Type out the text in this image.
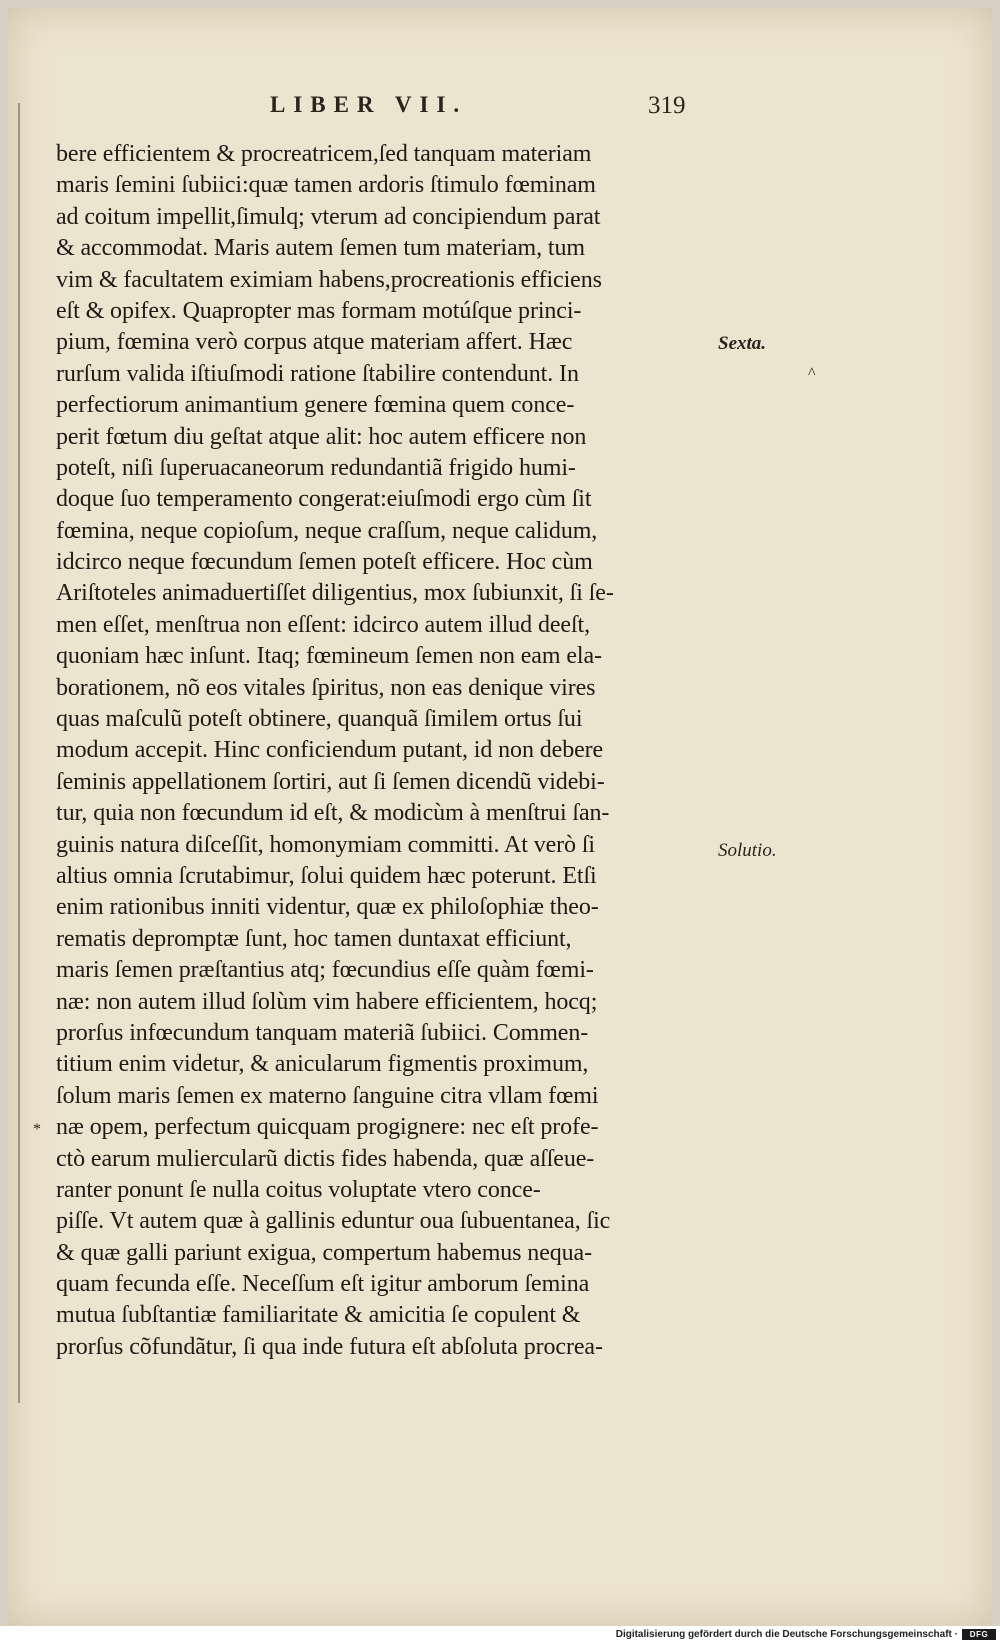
LIBER VII.	319
bere efficientem & procreatricem,ſed tanquam materiam
maris ſemini ſubiici:quæ tamen ardoris ſtimulo fœminam
ad coitum impellit,ſimulq; vterum ad concipiendum parat
& accommodat. Maris autem ſemen tum materiam, tum
vim & facultatem eximiam habens,procreationis efficiens
eſt & opifex. Quapropter mas formam motúſque princi-
pium, fœmina verò corpus atque materiam affert. Hæc
rurſum valida iſtiuſmodi ratione ſtabilire contendunt. In
perfectiorum animantium genere fœmina quem conce-
perit fœtum diu geſtat atque alit: hoc autem efficere non
poteſt, niſi ſuperuacaneorum redundantiã frigido humi-
doque ſuo temperamento congerat:eiuſmodi ergo cùm ſit
fœmina, neque copioſum, neque craſſum, neque calidum,
idcirco neque fœcundum ſemen poteſt efficere. Hoc cùm
Ariſtoteles animaduertiſſet diligentius, mox ſubiunxit, ſi ſe-
men eſſet, menſtrua non eſſent: idcirco autem illud deeſt,
quoniam hæc inſunt. Itaq; fœmineum ſemen non eam ela-
borationem, nõ eos vitales ſpiritus, non eas denique vires
quas maſculũ poteſt obtinere, quanquã ſimilem ortus ſui
modum accepit. Hinc conficiendum putant, id non debere
ſeminis appellationem ſortiri, aut ſi ſemen dicendũ videbi-
tur, quia non fœcundum id eſt, & modicùm à menſtrui ſan-
guinis natura diſceſſit, homonymiam committi. At verò ſi
altius omnia ſcrutabimur, ſolui quidem hæc poterunt. Etſi
enim rationibus inniti videntur, quæ ex philoſophiæ theo-
rematis depromptæ ſunt, hoc tamen duntaxat efficiunt,
maris ſemen præſtantius atq; fœcundius eſſe quàm fœmi-
næ: non autem illud ſolùm vim habere efficientem, hocq;
prorſus infœcundum tanquam materiã ſubiici. Commen-
titium enim videtur, & anicularum figmentis proximum,
ſolum maris ſemen ex materno ſanguine citra vllam fœmi
næ opem, perfectum quicquam progignere: nec eſt profe-
ctò earum muliercularũ dictis fides habenda, quæ aſſeue-
ranter ponunt ſe nulla coitus voluptate vtero conce-
piſſe. Vt autem quæ à gallinis eduntur oua ſubuentanea, ſic
& quæ galli pariunt exigua, compertum habemus nequa-
quam fecunda eſſe. Neceſſum eſt igitur amborum ſemina
mutua ſubſtantiæ familiaritate & amicitia ſe copulent &
prorſus cõfundãtur, ſi qua inde futura eſt abſoluta procrea-
Sexta.
Solutio.
^
*
Digitalisierung gefördert durch die Deutsche Forschungsgemeinschaft ·	DFG
